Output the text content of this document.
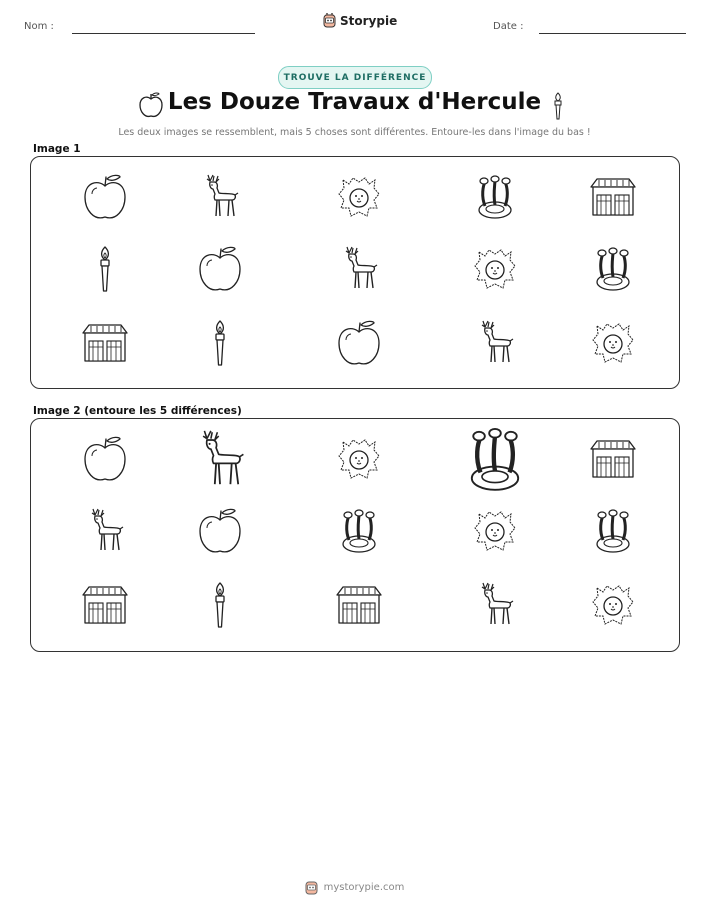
Nom :	Storypie	Date :
TROUVE LA DIFFÉRENCE
Les Douze Travaux d'Hercule
Les deux images se ressemblent, mais 5 choses sont différentes. Entoure-les dans l'image du bas !
Image 1
Image 2 (entoure les 5 différences)
mystorypie.com
